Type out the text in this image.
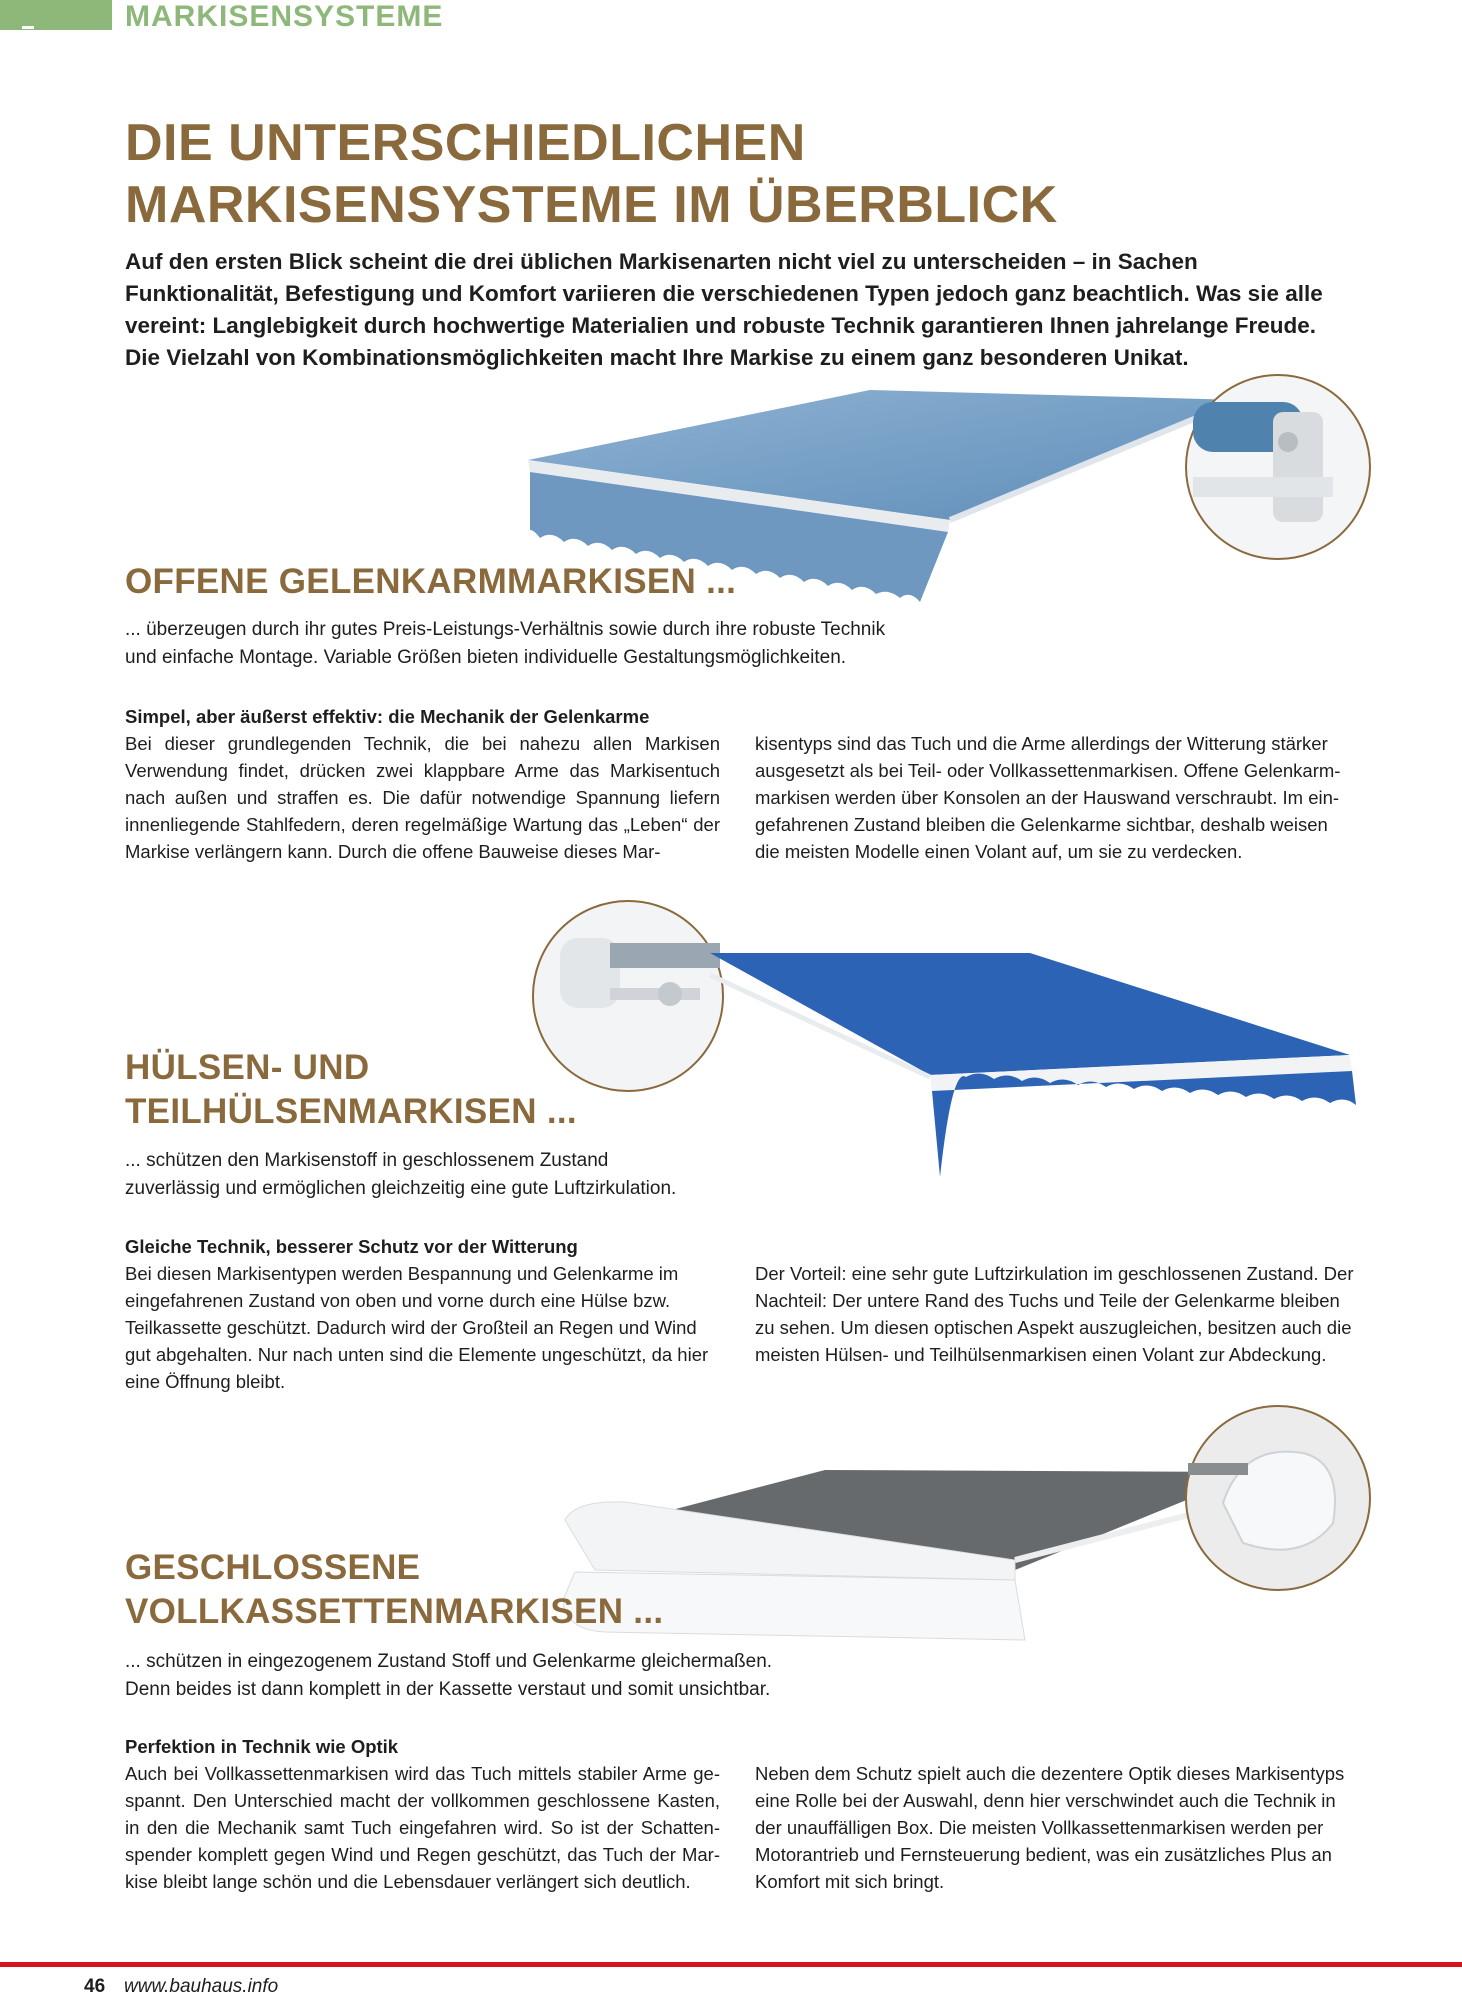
MARKISENSYSTEME
DIE UNTERSCHIEDLICHEN
MARKISENSYSTEME IM ÜBERBLICK

Auf den ersten Blick scheint die drei üblichen Markisenarten nicht viel zu unterscheiden – in Sachen Funktionalität, Befestigung und Komfort variieren die verschiedenen Typen jedoch ganz beachtlich. Was sie alle vereint: Langlebigkeit durch hochwertige Materialien und robuste Technik garantieren Ihnen jahrelange Freude. Die Vielzahl von Kombinationsmöglichkeiten macht Ihre Markise zu einem ganz besonderen Unikat.

OFFENE GELENKARMMARKISEN ...

... überzeugen durch ihr gutes Preis-Leistungs-Verhältnis sowie durch ihre robuste Technik und einfache Montage. Variable Größen bieten individuelle Gestaltungsmöglichkeiten.

Simpel, aber äußerst effektiv: die Mechanik der Gelenkarme

Bei dieser grundlegenden Technik, die bei nahezu allen Markisen Verwendung findet, drücken zwei klappbare Arme das Markisentuch nach außen und straffen es. Die dafür notwendige Spannung liefern innenliegende Stahlfedern, deren regelmäßige Wartung das „Leben“ der Markise verlängern kann. Durch die offene Bauweise dieses Mar-

kisentyps sind das Tuch und die Arme allerdings der Witterung stärker ausgesetzt als bei Teil- oder Vollkassettenmarkisen. Offene Gelenkarmmarkisen werden über Konsolen an der Hauswand verschraubt. Im eingefahrenen Zustand bleiben die Gelenkarme sichtbar, deshalb weisen die meisten Modelle einen Volant auf, um sie zu verdecken.

HÜLSEN- UND
TEILHÜLSENMARKISEN ...

... schützen den Markisenstoff in geschlossenem Zustand zuverlässig und ermöglichen gleichzeitig eine gute Luftzirkulation.

Gleiche Technik, besserer Schutz vor der Witterung

Bei diesen Markisentypen werden Bespannung und Gelenkarme im eingefahrenen Zustand von oben und vorne durch eine Hülse bzw. Teilkassette geschützt. Dadurch wird der Großteil an Regen und Wind gut abgehalten. Nur nach unten sind die Elemente ungeschützt, da hier eine Öffnung bleibt.

Der Vorteil: eine sehr gute Luftzirkulation im geschlossenen Zustand. Der Nachteil: Der untere Rand des Tuchs und Teile der Gelenkarme bleiben zu sehen. Um diesen optischen Aspekt auszugleichen, besitzen auch die meisten Hülsen- und Teilhülsenmarkisen einen Volant zur Abdeckung.

GESCHLOSSENE
VOLLKASSETTENMARKISEN ...

... schützen in eingezogenem Zustand Stoff und Gelenkarme gleichermaßen. Denn beides ist dann komplett in der Kassette verstaut und somit unsichtbar.

Perfektion in Technik wie Optik

Auch bei Vollkassettenmarkisen wird das Tuch mittels stabiler Arme gespannt. Den Unterschied macht der vollkommen geschlossene Kasten, in den die Mechanik samt Tuch eingefahren wird. So ist der Schattenspender komplett gegen Wind und Regen geschützt, das Tuch der Markise bleibt lange schön und die Lebensdauer verlängert sich deutlich.

Neben dem Schutz spielt auch die dezentere Optik dieses Markisentyps eine Rolle bei der Auswahl, denn hier verschwindet auch die Technik in der unauffälligen Box. Die meisten Vollkassettenmarkisen werden per Motorantrieb und Fernsteuerung bedient, was ein zusätzliches Plus an Komfort mit sich bringt.

46 www.bauhaus.info
